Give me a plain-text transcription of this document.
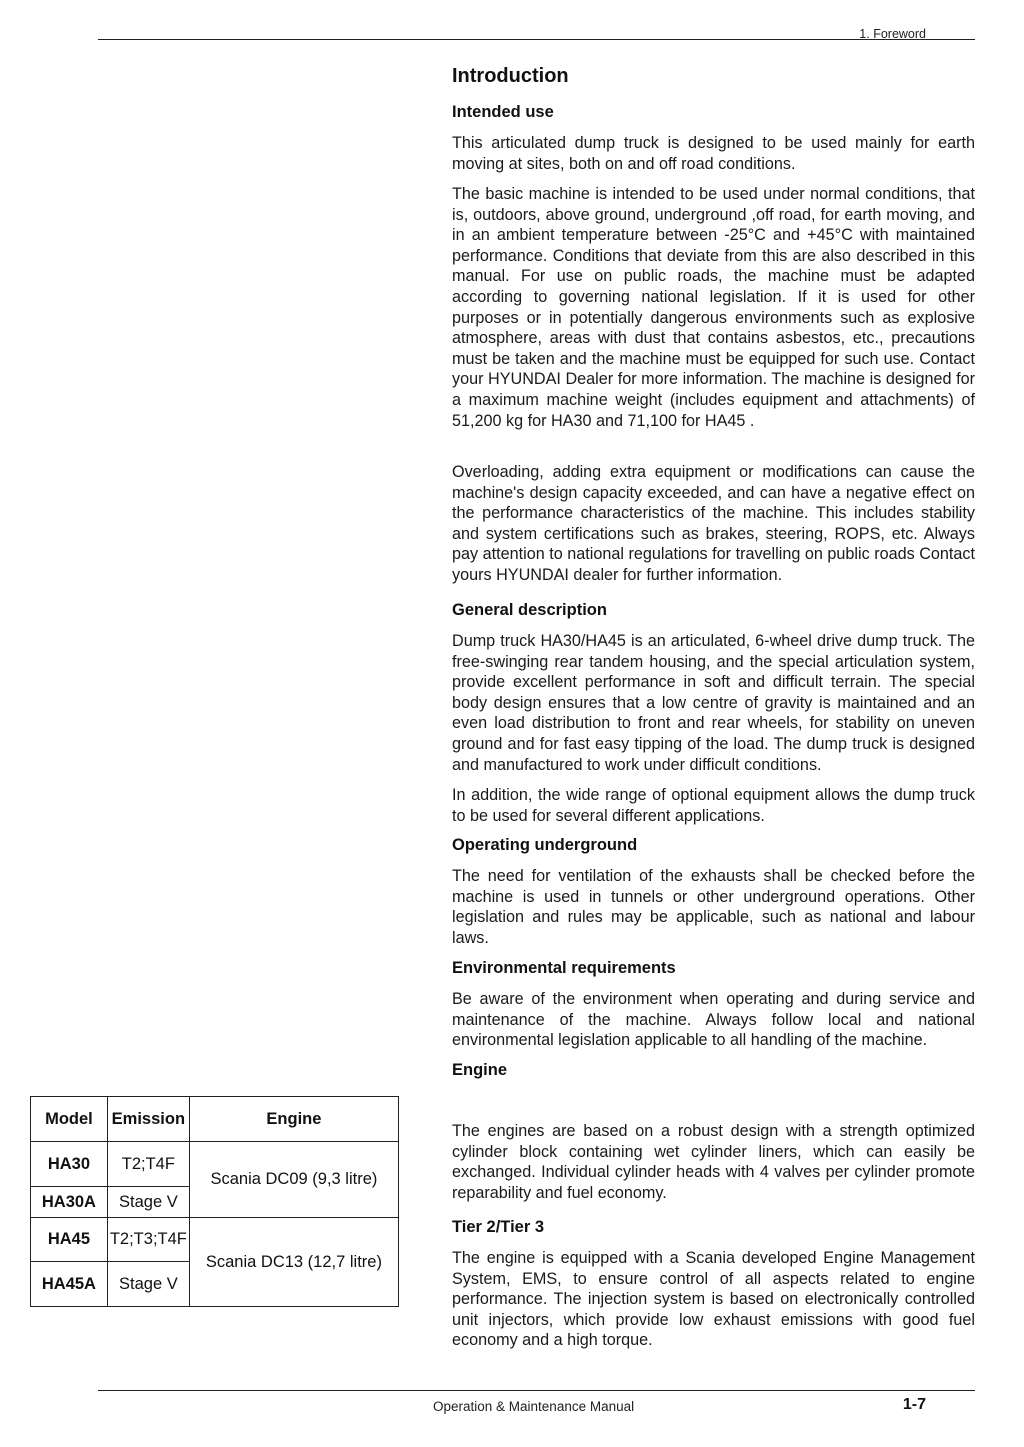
1. Foreword
Introduction
Intended use

This articulated dump truck is designed to be used mainly for earth moving at sites, both on and off road conditions.

The basic machine is intended to be used under normal conditions, that is, outdoors, above ground, underground ,off road, for earth moving, and in an ambient temperature between -25°C and +45°C with maintained performance. Conditions that deviate from this are also described in this manual. For use on public roads, the machine must be adapted according to governing national legislation. If it is used for other purposes or in potentially dangerous environments such as explosive atmosphere, areas with dust that contains asbestos, etc., precautions must be taken and the machine must be equipped for such use. Contact your HYUNDAI Dealer for more information. The machine is designed for a maximum machine weight (includes equipment and attachments) of 51,200 kg for HA30 and 71,100 for HA45 .

Overloading, adding extra equipment or modifications can cause the machine's design capacity exceeded, and can have a negative effect on the performance characteristics of the machine. This includes stability and system certifications such as brakes, steering, ROPS, etc. Always pay attention to national regulations for travelling on public roads Contact yours HYUNDAI dealer for further information.

General description

Dump truck HA30/HA45 is an articulated, 6-wheel drive dump truck. The free-swinging rear tandem housing, and the special articulation system, provide excellent performance in soft and difficult terrain. The special body design ensures that a low centre of gravity is maintained and an even load distribution to front and rear wheels, for stability on uneven ground and for fast easy tipping of the load. The dump truck is designed and manufactured to work under difficult conditions.

In addition, the wide range of optional equipment allows the dump truck to be used for several different applications.

Operating underground

The need for ventilation of the exhausts shall be checked before the machine is used in tunnels or other underground operations. Other legislation and rules may be applicable, such as national and labour laws.

Environmental requirements

Be aware of the environment when operating and during service and maintenance of the machine. Always follow local and national environmental legislation applicable to all handling of the machine.

Engine

The engines are based on a robust design with a strength optimized cylinder block containing wet cylinder liners, which can easily be exchanged. Individual cylinder heads with 4 valves per cylinder promote reparability and fuel economy.

Tier 2/Tier 3

The engine is equipped with a Scania developed Engine Management System, EMS, to ensure control of all aspects related to engine performance. The injection system is based on electronically controlled unit injectors, which provide low exhaust emissions with good fuel economy and a high torque.

Model	Emission	Engine
HA30	T2;T4F	Scania DC09 (9,3 litre)
HA30A	Stage V	
HA45	T2;T3;T4F	Scania DC13 (12,7 litre)
HA45A	Stage V	
Operation & Maintenance Manual	1-7
